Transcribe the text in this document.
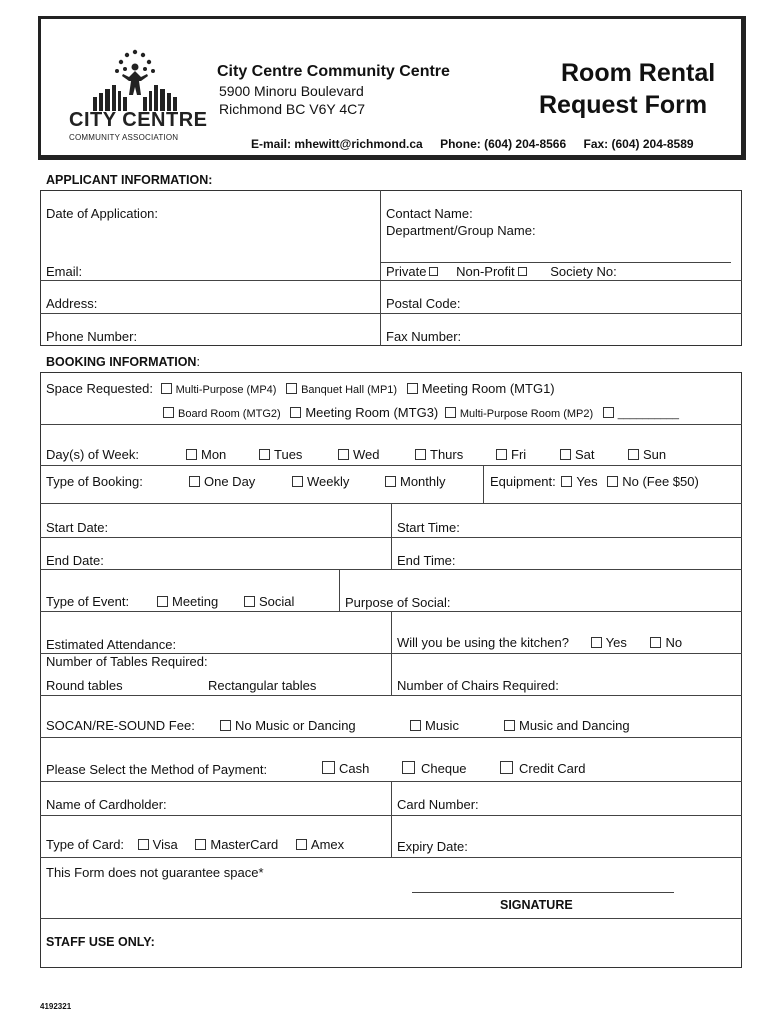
CITY CENTRE
COMMUNITY ASSOCIATION
City Centre Community Centre
5900 Minoru Boulevard
Richmond BC V6Y 4C7
Room Rental
Request Form
E-mail: mhewitt@richmond.ca Phone: (604) 204-8566 Fax: (604) 204-8589
APPLICANT INFORMATION:
Date of Application:	Contact Name:
Department/Group Name:
Email:	Private Non-Profit	Society No:
Address:	Postal Code:
Phone Number:	Fax Number:
BOOKING INFORMATION:
Space Requested: Multi-Purpose (MP4) Banquet Hall (MP1) Meeting Room (MTG1)
Board Room (MTG2) Meeting Room (MTG3) Multi-Purpose Room (MP2) __________
Day(s) of Week:	Mon	Tues	Wed	Thurs	Fri	Sat	Sun
Type of Booking:	One Day	Weekly	Monthly	Equipment: Yes No (Fee $50)
Start Date:	Start Time:
End Date:	End Time:
Type of Event:	Meeting	Social	Purpose of Social:
Estimated Attendance:	Will you be using the kitchen?	Yes	No
Number of Tables Required:
Round tables	Rectangular tables	Number of Chairs Required:
SOCAN/RE-SOUND Fee:	No Music or Dancing	Music	Music and Dancing
Please Select the Method of Payment:	Cash	Cheque	Credit Card
Name of Cardholder:	Card Number:
Type of Card: Visa	MasterCard	Amex	Expiry Date:
This Form does not guarantee space*
SIGNATURE
STAFF USE ONLY:
4192321
